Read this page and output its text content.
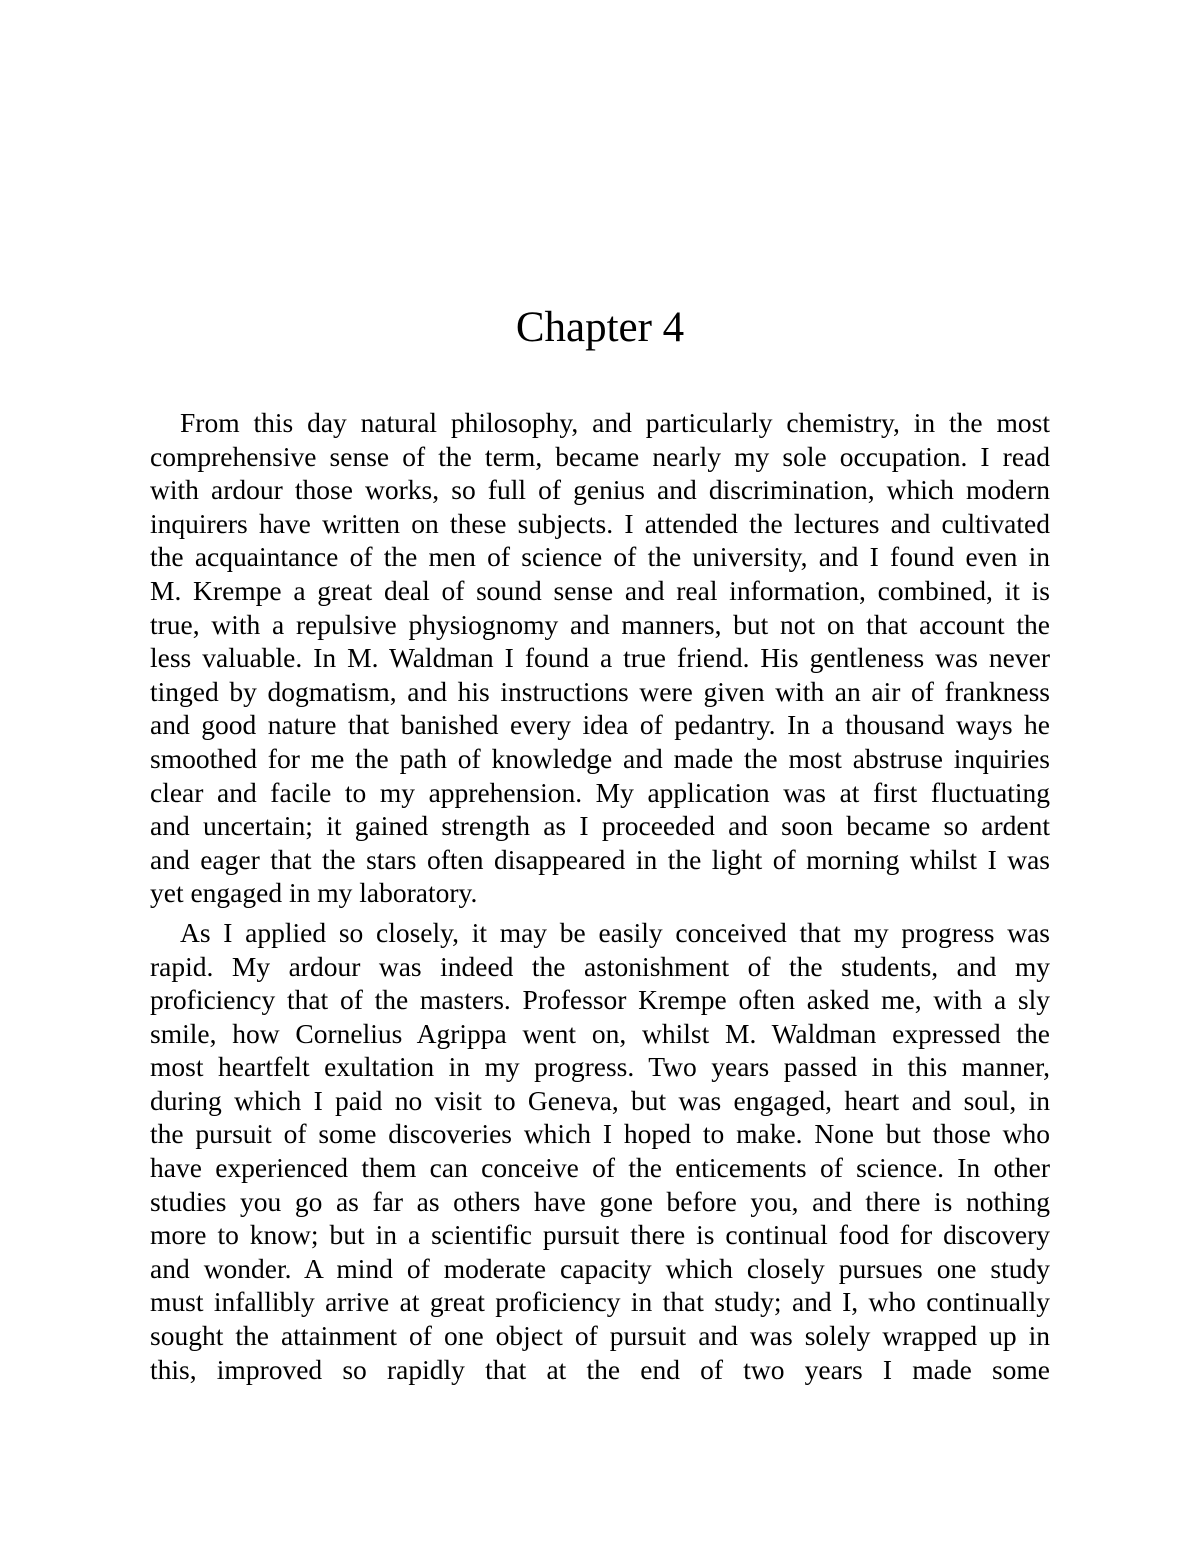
Chapter 4
From this day natural philosophy, and particularly chemistry, in the most
comprehensive sense of the term, became nearly my sole occupation. I read
with ardour those works, so full of genius and discrimination, which modern
inquirers have written on these subjects. I attended the lectures and cultivated
the acquaintance of the men of science of the university, and I found even in
M. Krempe a great deal of sound sense and real information, combined, it is
true, with a repulsive physiognomy and manners, but not on that account the
less valuable. In M. Waldman I found a true friend. His gentleness was never
tinged by dogmatism, and his instructions were given with an air of frankness
and good nature that banished every idea of pedantry. In a thousand ways he
smoothed for me the path of knowledge and made the most abstruse inquiries
clear and facile to my apprehension. My application was at first fluctuating
and uncertain; it gained strength as I proceeded and soon became so ardent
and eager that the stars often disappeared in the light of morning whilst I was
yet engaged in my laboratory.
As I applied so closely, it may be easily conceived that my progress was
rapid. My ardour was indeed the astonishment of the students, and my
proficiency that of the masters. Professor Krempe often asked me, with a sly
smile, how Cornelius Agrippa went on, whilst M. Waldman expressed the
most heartfelt exultation in my progress. Two years passed in this manner,
during which I paid no visit to Geneva, but was engaged, heart and soul, in
the pursuit of some discoveries which I hoped to make. None but those who
have experienced them can conceive of the enticements of science. In other
studies you go as far as others have gone before you, and there is nothing
more to know; but in a scientific pursuit there is continual food for discovery
and wonder. A mind of moderate capacity which closely pursues one study
must infallibly arrive at great proficiency in that study; and I, who continually
sought the attainment of one object of pursuit and was solely wrapped up in
this, improved so rapidly that at the end of two years I made some
